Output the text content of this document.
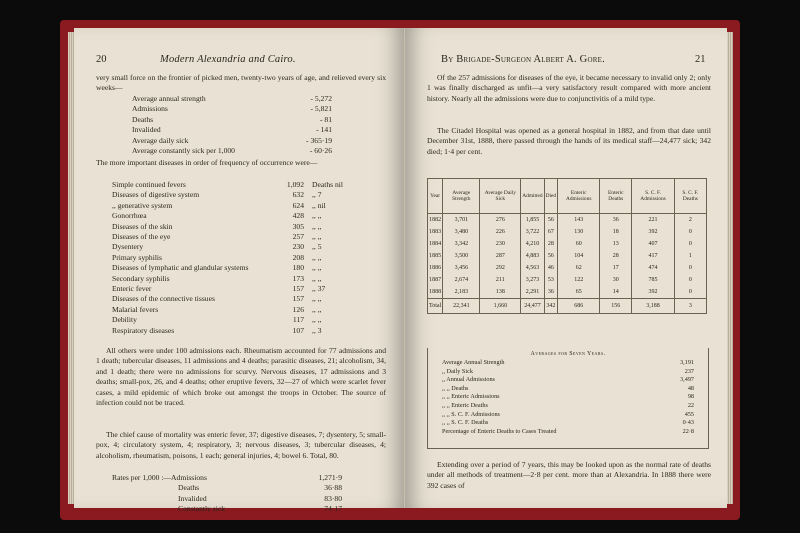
20	Modern Alexandria and Cairo.
very small force on the frontier of picked men, twenty-two years of age, and relieved every six weeks—
Average annual strength	- 5,272
Admissions	- 5,821
Deaths	- 81
Invalided	- 141
Average daily sick	- 365·19
Average constantly sick per 1,000	- 60·26
The more important diseases in order of frequency of occurrence were—
Simple continued fevers	1,092	Deaths nil
Diseases of digestive system	632	,, 7
,, generative system	624	,, nil
Gonorrhœa	428	,, ,,
Diseases of the skin	305	,, ,,
Diseases of the eye	257	,, ,,
Dysentery	230	,, 5
Primary syphilis	208	,, ,,
Diseases of lymphatic and glandular systems	180	,, ,,
Secondary syphilis	173	,, ,,
Enteric fever	157	,, 37
Diseases of the connective tissues	157	,, ,,
Malarial fevers	126	,, ,,
Debility	117	,, ,,
Respiratory diseases	107	,, 3
All others were under 100 admissions each. Rheumatism accounted for 77 admissions and 1 death; tubercular diseases, 11 admissions and 4 deaths; parasitic diseases, 21; alcoholism, 34, and 1 death; there were no admissions for scurvy. Nervous diseases, 17 admissions and 3 deaths; small-pox, 26, and 4 deaths; other eruptive fevers, 32—27 of which were scarlet fever cases, a mild epidemic of which broke out amongst the troops in October. The source of infection could not be traced.
The chief cause of mortality was enteric fever, 37; digestive diseases, 7; dysentery, 5; small-pox, 4; circulatory system, 4; respiratory, 3; nervous diseases, 3; tubercular diseases, 4; alcoholism, rheumatism, poisons, 1 each; general injuries, 4; bowel 6. Total, 80.
Rates per 1,000 :—Admissions	1,271·9
Deaths	36·88
Invalided	83·80
Constantly sick	74·17
By Brigade-Surgeon Albert A. Gore.	21
Of the 257 admissions for diseases of the eye, it became necessary to invalid only 2; only 1 was finally discharged as unfit—a very satisfactory result compared with more ancient history. Nearly all the admissions were due to conjunctivitis of a mild type.
The Citadel Hospital was opened as a general hospital in 1882, and from that date until December 31st, 1888, there passed through the hands of its medical staff—24,477 sick; 342 died; 1·4 per cent.
Year	Average Strength	Average Daily Sick	Admitted	Died	Enteric Admissions	Enteric Deaths	S. C. F. Admissions	S. C. F. Deaths
1882	3,701	276	1,855	56	143	36	221	2
1883	3,480	226	3,722	67	130	18	392	0
1884	3,342	230	4,210	28	60	13	407	0
1885	3,500	287	4,883	56	104	28	417	1
1886	3,456	292	4,563	46	62	17	474	0
1887	2,674	211	3,273	53	122	30	785	0
1888	2,183	138	2,291	36	65	14	392	0
Total	22,341	1,660	24,477	342	686	156	3,188	3
Averages for Seven Years.
Average Annual Strength	3,191
,, Daily Sick	237
,, Annual Admissions	3,497
,, ,, Deaths	48
,, ,, Enteric Admissions	98
,, ,, Enteric Deaths	22
,, ,, S. C. F. Admissions	455
,, ,, S. C. F. Deaths	0·43
Percentage of Enteric Deaths to Cases Treated	22·8
Extending over a period of 7 years, this may be looked upon as the normal rate of deaths under all methods of treatment—2·8 per cent. more than at Alexandria. In 1888 there were 392 cases of
